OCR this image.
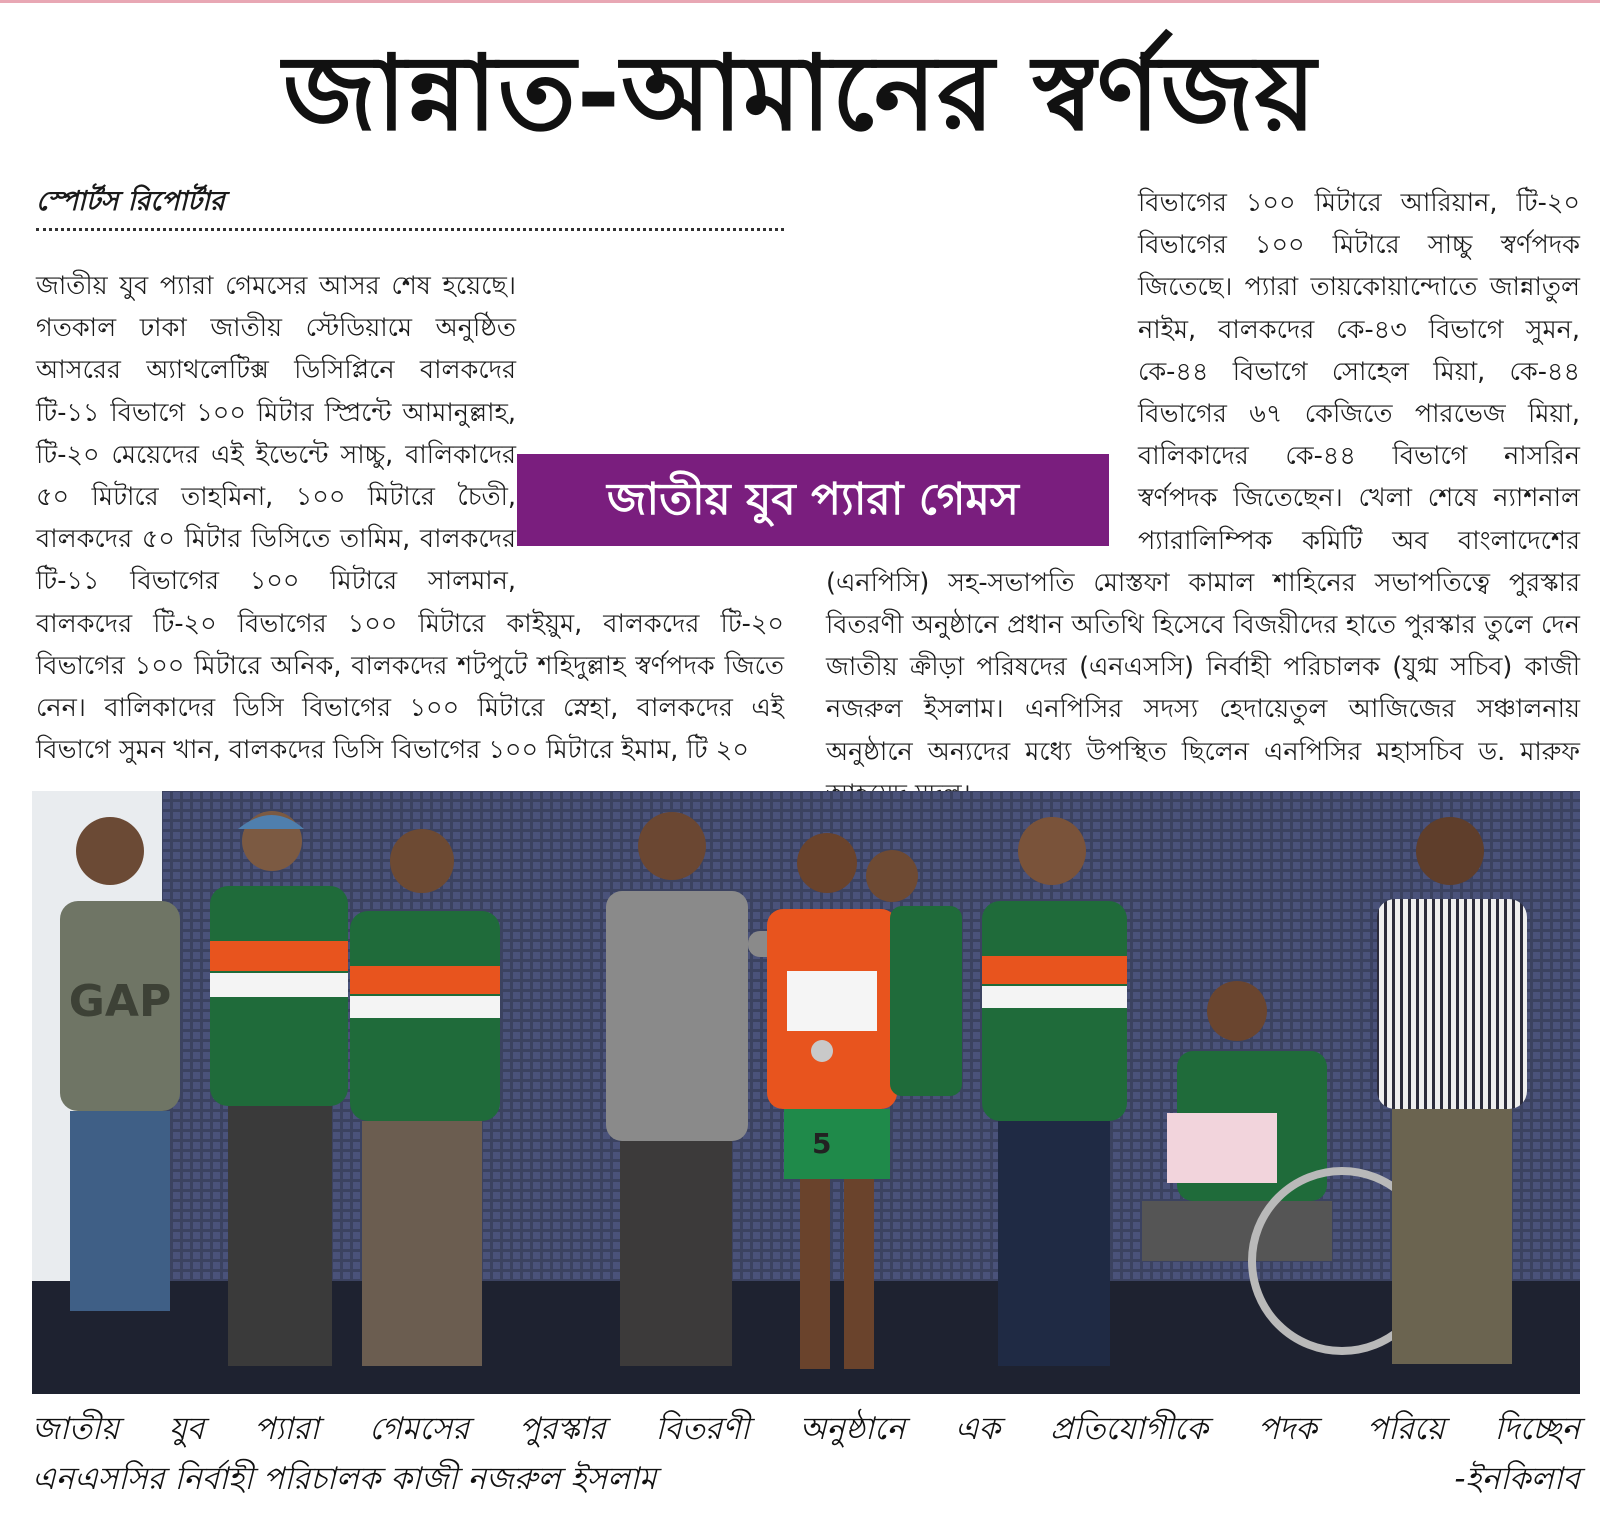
জান্নাত-আমানের স্বর্ণজয়
স্পোর্টস রিপোর্টার

জাতীয় যুব প্যারা গেমসের আসর শেষ হয়েছে। গতকাল ঢাকা জাতীয় স্টেডিয়ামে অনুষ্ঠিত আসরের অ্যাথলেটিক্স ডিসিপ্লিনে বালকদের টি-১১ বিভাগে ১০০ মিটার স্প্রিন্টে আমানুল্লাহ, টি-২০ মেয়েদের এই ইভেন্টে সাচ্চু, বালিকাদের ৫০ মিটারে তাহমিনা, ১০০ মিটারে চৈতী, বালকদের ৫০ মিটার ডিসিতে তামিম, বালকদের টি-১১ বিভাগের ১০০ মিটারে সালমান, বালকদের টি-২০ বিভাগের ১০০ মিটারে কাইয়ুম, বালকদের টি-২০ বিভাগের ১০০ মিটারে অনিক, বালকদের শটপুটে শহিদুল্লাহ স্বর্ণপদক জিতে নেন। বালিকাদের ডিসি বিভাগের ১০০ মিটারে স্নেহা, বালকদের এই বিভাগে সুমন খান, বালকদের ডিসি বিভাগের ১০০ মিটারে ইমাম, টি ২০

বিভাগের ১০০ মিটারে আরিয়ান, টি-২০ বিভাগের ১০০ মিটারে সাচ্চু স্বর্ণপদক জিতেছে। প্যারা তায়কোয়ান্দোতে জান্নাতুল নাইম, বালকদের কে-৪৩ বিভাগে সুমন, কে-৪৪ বিভাগে সোহেল মিয়া, কে-৪৪ বিভাগের ৬৭ কেজিতে পারভেজ মিয়া, বালিকাদের কে-৪৪ বিভাগে নাসরিন স্বর্ণপদক জিতেছেন। খেলা শেষে ন্যাশনাল প্যারালিম্পিক কমিটি অব বাংলাদেশের (এনপিসি) সহ-সভাপতি মোস্তফা কামাল শাহিনের সভাপতিত্বে পুরস্কার বিতরণী অনুষ্ঠানে প্রধান অতিথি হিসেবে বিজয়ীদের হাতে পুরস্কার তুলে দেন জাতীয় ক্রীড়া পরিষদের (এনএসসি) নির্বাহী পরিচালক (যুগ্ম সচিব) কাজী নজরুল ইসলাম। এনপিসির সদস্য হেদায়েতুল আজিজের সঞ্চালনায় অনুষ্ঠানে অন্যদের মধ্যে উপস্থিত ছিলেন এনপিসির মহাসচিব ড. মারুফ

জাতীয় যুব প্যারা গেমস
GAP
5
জাতীয় যুব প্যারা গেমসের পুরস্কার বিতরণী অনুষ্ঠানে এক প্রতিযোগীকে পদক পরিয়ে দিচ্ছেন
এনএসসির নির্বাহী পরিচালক কাজী নজরুল ইসলাম	-ইনকিলাব
